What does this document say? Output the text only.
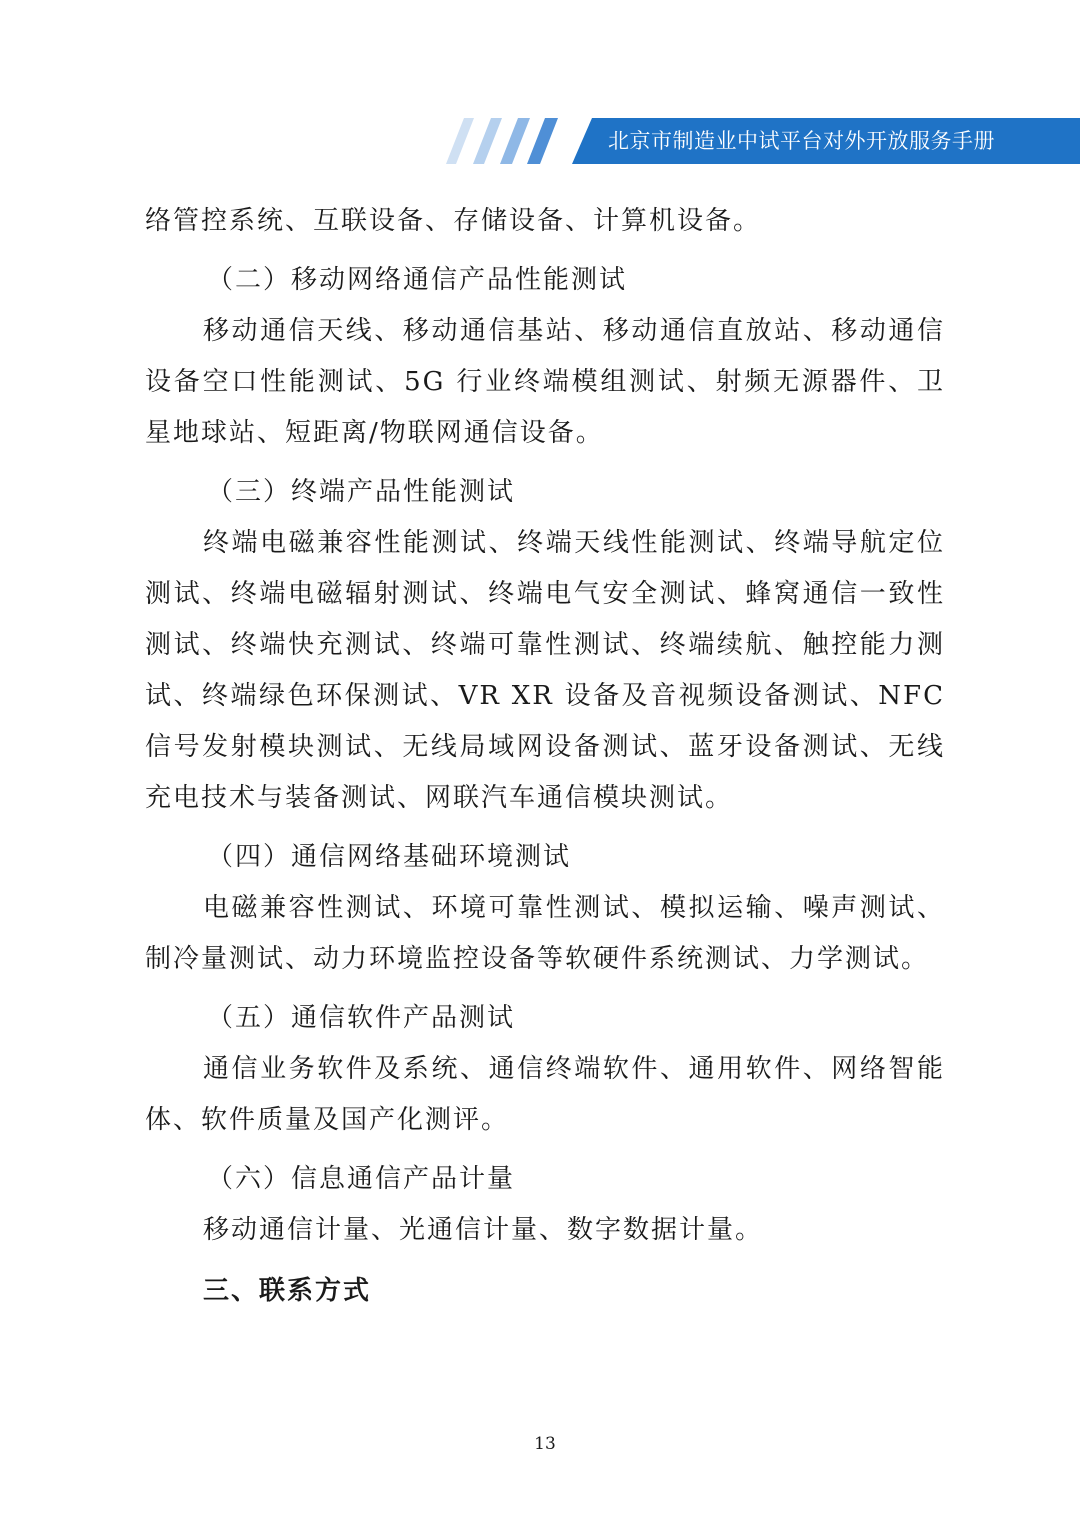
北京市制造业中试平台对外开放服务手册

络管控系统、互联设备、存储设备、计算机设备。

（二）移动网络通信产品性能测试

移动通信天线、移动通信基站、移动通信直放站、移动通信设备空口性能测试、5G 行业终端模组测试、射频无源器件、卫星地球站、短距离/物联网通信设备。

（三）终端产品性能测试

终端电磁兼容性能测试、终端天线性能测试、终端导航定位测试、终端电磁辐射测试、终端电气安全测试、蜂窝通信一致性测试、终端快充测试、终端可靠性测试、终端续航、触控能力测试、终端绿色环保测试、VR XR 设备及音视频设备测试、NFC信号发射模块测试、无线局域网设备测试、蓝牙设备测试、无线充电技术与装备测试、网联汽车通信模块测试。

（四）通信网络基础环境测试

电磁兼容性测试、环境可靠性测试、模拟运输、噪声测试、制冷量测试、动力环境监控设备等软硬件系统测试、力学测试。

（五）通信软件产品测试

通信业务软件及系统、通信终端软件、通用软件、网络智能体、软件质量及国产化测评。

（六）信息通信产品计量

移动通信计量、光通信计量、数字数据计量。

三、联系方式

13
